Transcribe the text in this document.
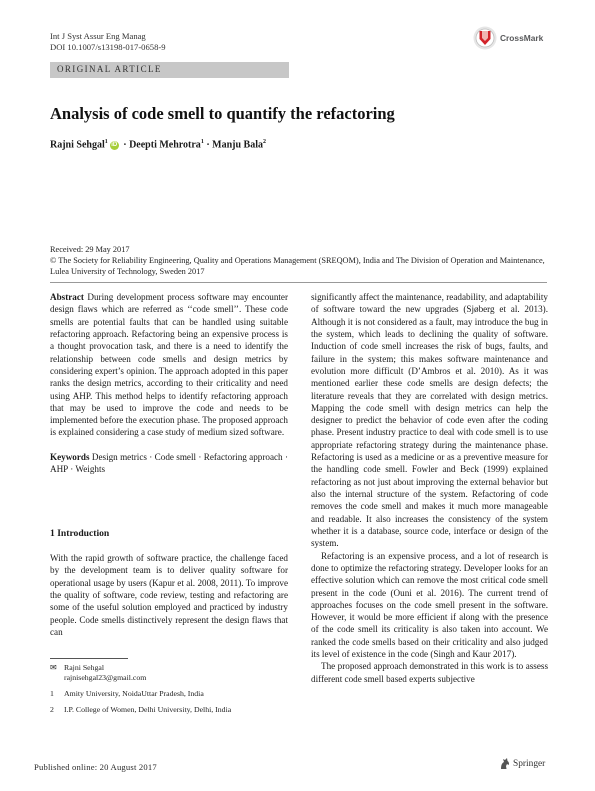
Int J Syst Assur Eng Manag
DOI 10.1007/s13198-017-0658-9
CrossMark
ORIGINAL ARTICLE
Analysis of code smell to quantify the refactoring
Rajni Sehgal$^1$iD · Deepti Mehrotra$^1$ · Manju Bala$^2$
Received: 29 May 2017
© The Society for Reliability Engineering, Quality and Operations Management (SREQOM), India and The Division of Operation and Maintenance, Lulea University of Technology, Sweden 2017

Abstract During development process software may encounter design flaws which are referred as ‘‘code smell’’. These code smells are potential faults that can be handled using suitable refactoring approach. Refactoring being an expensive process is a thought provocation task, and there is a need to identify the relationship between code smells and design metrics by considering expert’s opinion. The approach adopted in this paper ranks the design metrics, according to their criticality and need using AHP. This method helps to identify refactoring approach that may be used to improve the code and needs to be implemented before the execution phase. The proposed approach is explained considering a case study of medium sized software.

Keywords Design metrics · Code smell · Refactoring approach · AHP · Weights

1 Introduction
With the rapid growth of software practice, the challenge faced by the development team is to deliver quality software for operational usage by users (Kapur et al. 2008, 2011). To improve the quality of software, code review, testing and refactoring are some of the useful solution employed and practiced by industry people. Code smells distinctively represent the design flaws that can
✉ Rajni Sehgal
rajnisehgal23@gmail.com
1 Amity University, NoidaUttar Pradesh, India
2 I.P. College of Women, Delhi University, Delhi, India

significantly affect the maintenance, readability, and adaptability of software toward the new upgrades (Sjøberg et al. 2013). Although it is not considered as a fault, may introduce the bug in the system, which leads to declining the quality of software. Induction of code smell increases the risk of bugs, faults, and failure in the system; this makes software maintenance and evolution more difficult (D’Ambros et al. 2010). As it was mentioned earlier these code smells are design defects; the literature reveals that they are correlated with design metrics. Mapping the code smell with design metrics can help the designer to predict the behavior of code even after the coding phase. Present industry practice to deal with code smell is to use appropriate refactoring strategy during the maintenance phase. Refactoring is used as a medicine or as a preventive measure for the handling code smell. Fowler and Beck (1999) explained refactoring as not just about improving the external behavior but also the internal structure of the system. Refactoring of code removes the code smell and makes it much more manageable and readable. It also increases the consistency of the system whether it is a database, source code, interface or design of the system.

Refactoring is an expensive process, and a lot of research is done to optimize the refactoring strategy. Developer looks for an effective solution which can remove the most critical code smell present in the code (Ouni et al. 2016). The current trend of approaches focuses on the code smell present in the software. However, it would be more efficient if along with the presence of the code smell its criticality is also taken into account. We ranked the code smells based on their criticality and also judged its level of existence in the code (Singh and Kaur 2017).

The proposed approach demonstrated in this work is to assess different code smell based experts subjective

Published online: 20 August 2017	Springer
